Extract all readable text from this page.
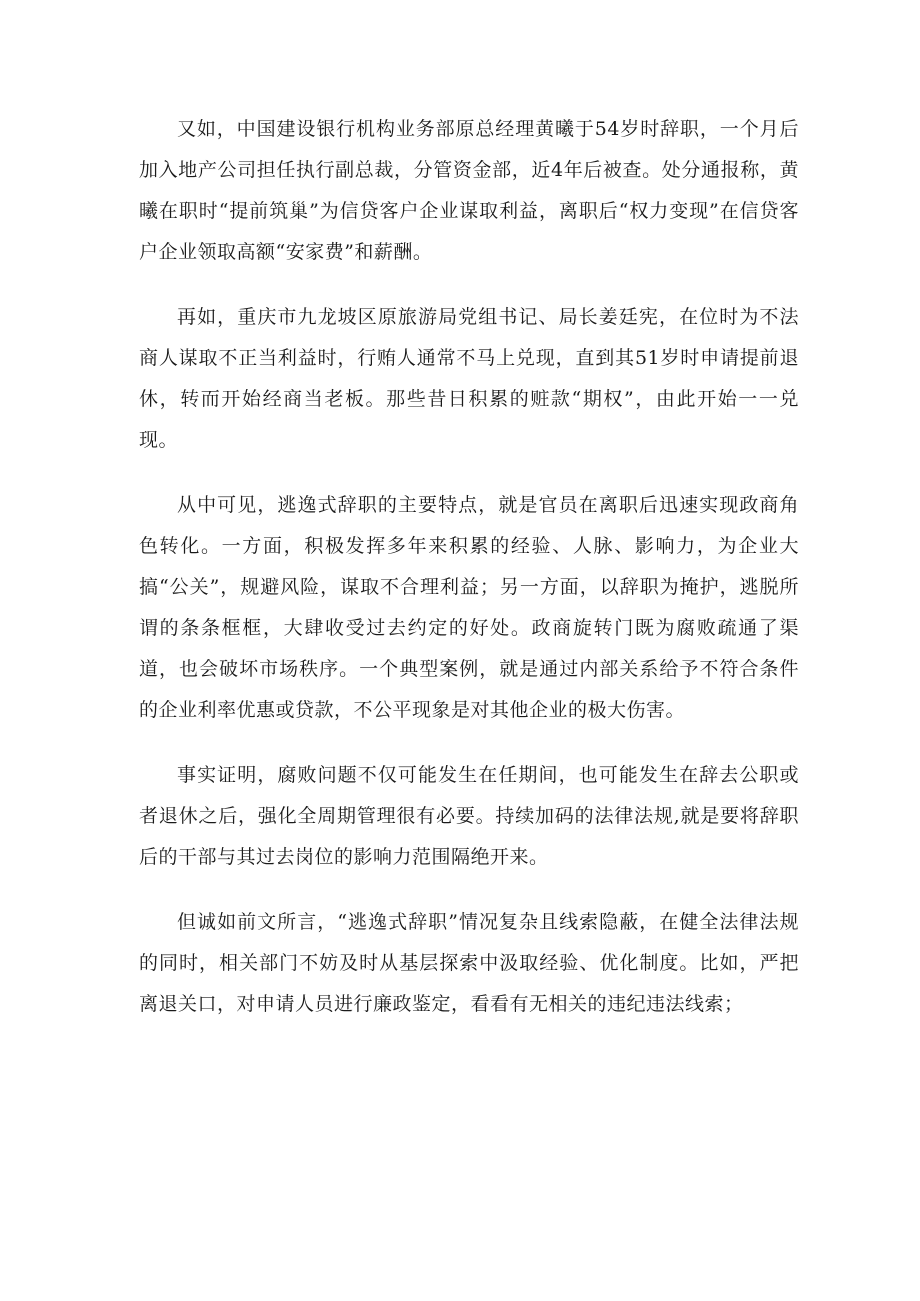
又如，中国建设银行机构业务部原总经理黄曦于54岁时辞职，一个月后加入地产公司担任执行副总裁，分管资金部，近4年后被查。处分通报称，黄曦在职时“提前筑巢”为信贷客户企业谋取利益，离职后“权力变现”在信贷客户企业领取高额“安家费”和薪酬。

再如，重庆市九龙坡区原旅游局党组书记、局长姜廷宪，在位时为不法商人谋取不正当利益时，行贿人通常不马上兑现，直到其51岁时申请提前退休，转而开始经商当老板。那些昔日积累的赃款“期权”，由此开始一一兑现。

从中可见，逃逸式辞职的主要特点，就是官员在离职后迅速实现政商角色转化。一方面，积极发挥多年来积累的经验、人脉、影响力，为企业大搞“公关”，规避风险，谋取不合理利益；另一方面，以辞职为掩护，逃脱所谓的条条框框，大肆收受过去约定的好处。政商旋转门既为腐败疏通了渠道，也会破坏市场秩序。一个典型案例，就是通过内部关系给予不符合条件的企业利率优惠或贷款，不公平现象是对其他企业的极大伤害。

事实证明，腐败问题不仅可能发生在任期间，也可能发生在辞去公职或者退休之后，强化全周期管理很有必要。持续加码的法律法规,就是要将辞职后的干部与其过去岗位的影响力范围隔绝开来。

但诚如前文所言，“逃逸式辞职”情况复杂且线索隐蔽，在健全法律法规的同时，相关部门不妨及时从基层探索中汲取经验、优化制度。比如，严把离退关口，对申请人员进行廉政鉴定，看看有无相关的违纪违法线索；
